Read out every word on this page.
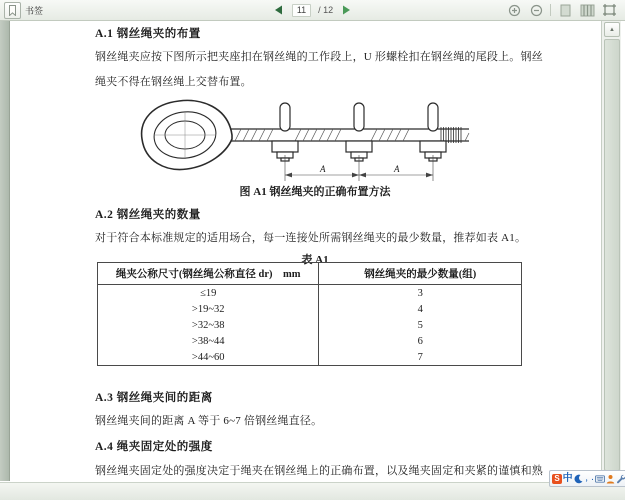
书签	11	/ 12
A.1 钢丝绳夹的布置
钢丝绳夹应按下图所示把夹座扣在钢丝绳的工作段上，U 形螺栓扣在钢丝绳的尾段上。钢丝
绳夹不得在钢丝绳上交替布置。
A	A
图 A1 钢丝绳夹的正确布置方法
A.2 钢丝绳夹的数量
对于符合本标准规定的适用场合，每一连接处所需钢丝绳夹的最少数量，推荐如表 A1。
表 A1
绳夹公称尺寸(钢丝绳公称直径 dr)　mm	钢丝绳夹的最少数量(组)
≤19	3
>19~32	4
>32~38	5
>38~44	6
>44~60	7
A.3 钢丝绳夹间的距离
钢丝绳夹间的距离 A 等于 6~7 倍钢丝绳直径。
A.4 绳夹固定处的强度
钢丝绳夹固定处的强度决定于绳夹在钢丝绳上的正确布置，以及绳夹固定和夹紧的谨慎和熟
▲
S 中 ，.
